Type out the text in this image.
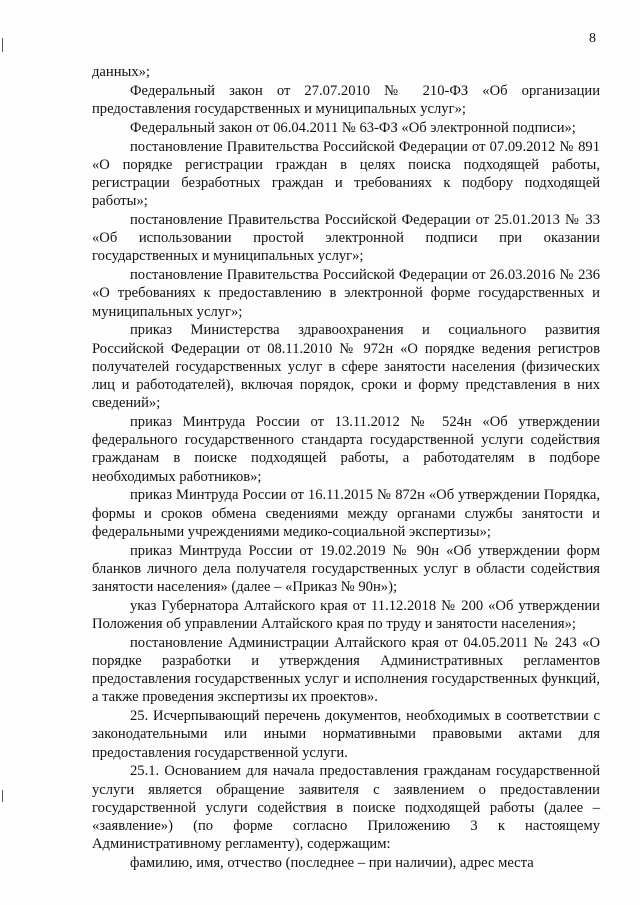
8

данных»;

Федеральный закон от 27.07.2010 № 210-ФЗ «Об организации предоставления государственных и муниципальных услуг»;

Федеральный закон от 06.04.2011 № 63-ФЗ «Об электронной подписи»;

постановление Правительства Российской Федерации от 07.09.2012 № 891 «О порядке регистрации граждан в целях поиска подходящей работы, регистрации безработных граждан и требованиях к подбору подходящей работы»;

постановление Правительства Российской Федерации от 25.01.2013 № 33 «Об использовании простой электронной подписи при оказании государственных и муниципальных услуг»;

постановление Правительства Российской Федерации от 26.03.2016 № 236 «О требованиях к предоставлению в электронной форме государственных и муниципальных услуг»;

приказ Министерства здравоохранения и социального развития Российской Федерации от 08.11.2010 № 972н «О порядке ведения регистров получателей государственных услуг в сфере занятости населения (физических лиц и работодателей), включая порядок, сроки и форму представления в них сведений»;

приказ Минтруда России от 13.11.2012 № 524н «Об утверждении федерального государственного стандарта государственной услуги содействия гражданам в поиске подходящей работы, а работодателям в подборе необходимых работников»;

приказ Минтруда России от 16.11.2015 № 872н «Об утверждении Порядка, формы и сроков обмена сведениями между органами службы занятости и федеральными учреждениями медико-социальной экспертизы»;

приказ Минтруда России от 19.02.2019 № 90н «Об утверждении форм бланков личного дела получателя государственных услуг в области содействия занятости населения» (далее – «Приказ № 90н»);

указ Губернатора Алтайского края от 11.12.2018 № 200 «Об утверждении Положения об управлении Алтайского края по труду и занятости населения»;

постановление Администрации Алтайского края от 04.05.2011 № 243 «О порядке разработки и утверждения Административных регламентов предоставления государственных услуг и исполнения государственных функций, а также проведения экспертизы их проектов».

25. Исчерпывающий перечень документов, необходимых в соответствии с законодательными или иными нормативными правовыми актами для предоставления государственной услуги.

25.1. Основанием для начала предоставления гражданам государственной услуги является обращение заявителя с заявлением о предоставлении государственной услуги содействия в поиске подходящей работы (далее – «заявление») (по форме согласно Приложению 3 к настоящему Административному регламенту), содержащим:

фамилию, имя, отчество (последнее – при наличии), адрес места
